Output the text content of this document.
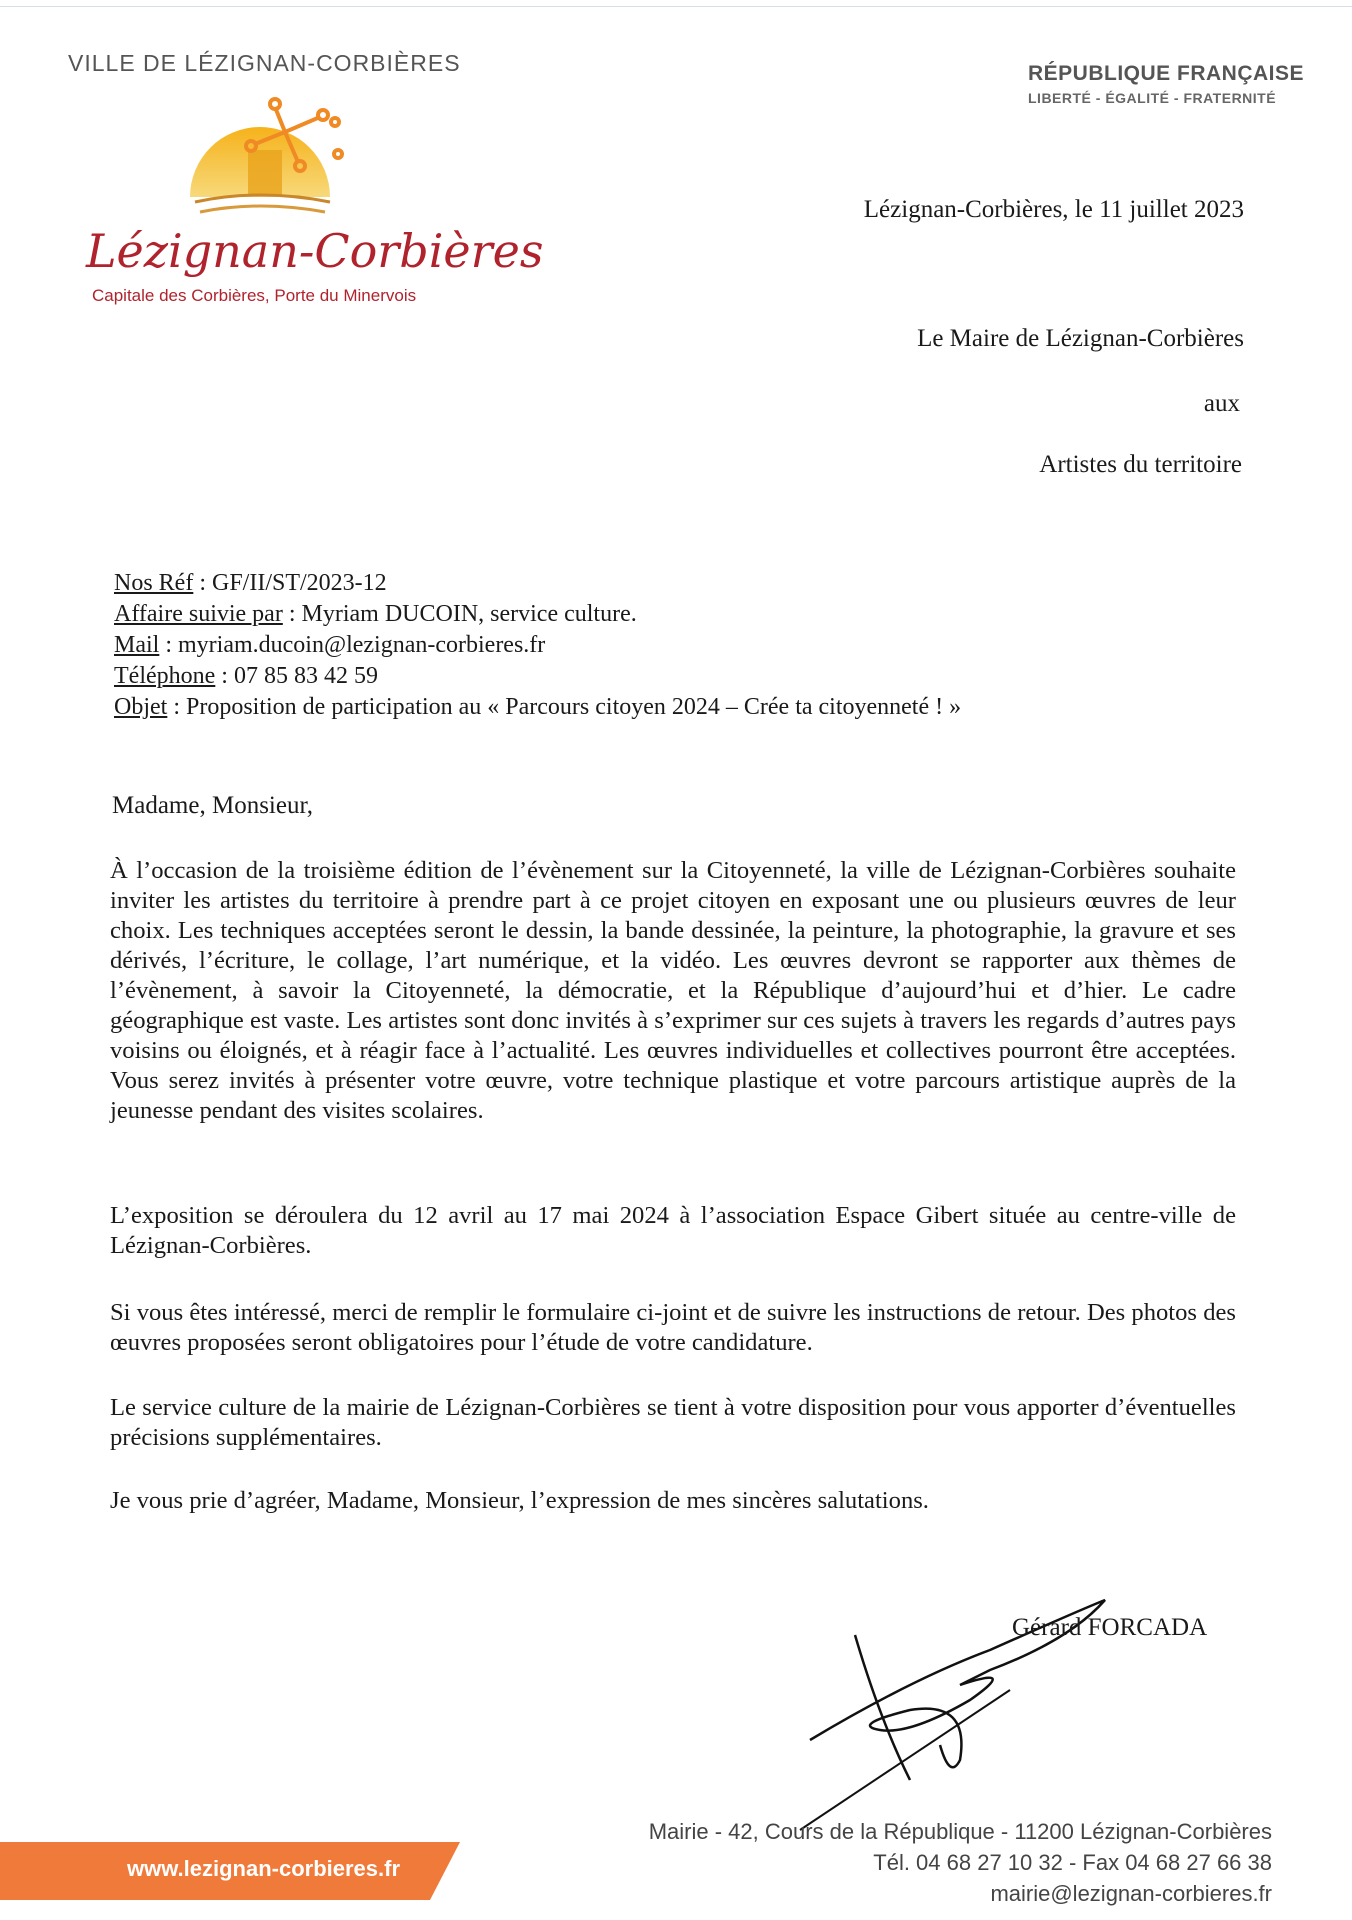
VILLE DE LÉZIGNAN-CORBIÈRES
Lézignan-Corbières
Capitale des Corbières, Porte du Minervois
RÉPUBLIQUE FRANÇAISE
LIBERTÉ - ÉGALITÉ - FRATERNITÉ
Lézignan-Corbières, le 11 juillet 2023
Le Maire de Lézignan-Corbières
aux
Artistes du territoire
Nos Réf : GF/II/ST/2023-12
Affaire suivie par : Myriam DUCOIN, service culture.
Mail : myriam.ducoin@lezignan-corbieres.fr
Téléphone : 07 85 83 42 59
Objet : Proposition de participation au « Parcours citoyen 2024 – Crée ta citoyenneté ! »
Madame, Monsieur,
À l’occasion de la troisième édition de l’évènement sur la Citoyenneté, la ville de Lézignan-Corbières souhaite inviter les artistes du territoire à prendre part à ce projet citoyen en exposant une ou plusieurs œuvres de leur choix. Les techniques acceptées seront le dessin, la bande dessinée, la peinture, la photographie, la gravure et ses dérivés, l’écriture, le collage, l’art numérique, et la vidéo. Les œuvres devront se rapporter aux thèmes de l’évènement, à savoir la Citoyenneté, la démocratie, et la République d’aujourd’hui et d’hier. Le cadre géographique est vaste. Les artistes sont donc invités à s’exprimer sur ces sujets à travers les regards d’autres pays voisins ou éloignés, et à réagir face à l’actualité. Les œuvres individuelles et collectives pourront être acceptées. Vous serez invités à présenter votre œuvre, votre technique plastique et votre parcours artistique auprès de la jeunesse pendant des visites scolaires.
L’exposition se déroulera du 12 avril au 17 mai 2024 à l’association Espace Gibert située au centre-ville de Lézignan-Corbières.
Si vous êtes intéressé, merci de remplir le formulaire ci-joint et de suivre les instructions de retour. Des photos des œuvres proposées seront obligatoires pour l’étude de votre candidature.
Le service culture de la mairie de Lézignan-Corbières se tient à votre disposition pour vous apporter d’éventuelles précisions supplémentaires.
Je vous prie d’agréer, Madame, Monsieur, l’expression de mes sincères salutations.
Gérard FORCADA
Mairie - 42, Cours de la République - 11200 Lézignan-Corbières
Tél. 04 68 27 10 32 - Fax 04 68 27 66 38
mairie@lezignan-corbieres.fr
www.lezignan-corbieres.fr
